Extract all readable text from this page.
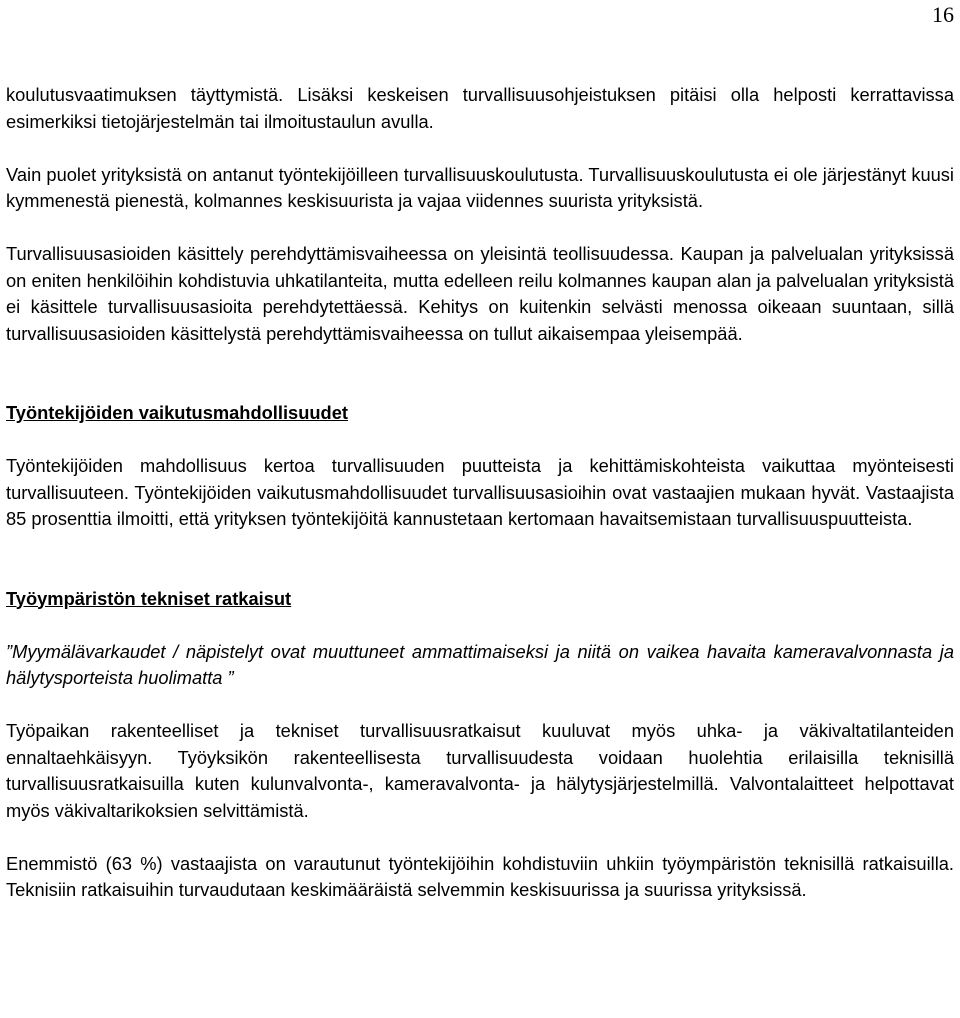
16

koulutusvaatimuksen täyttymistä. Lisäksi keskeisen turvallisuusohjeistuksen pitäisi olla helposti kerrattavissa esimerkiksi tietojärjestelmän tai ilmoitustaulun avulla.

Vain puolet yrityksistä on antanut työntekijöilleen turvallisuuskoulutusta. Turvallisuuskoulutusta ei ole järjestänyt kuusi kymmenestä pienestä, kolmannes keskisuurista ja vajaa viidennes suurista yrityksistä.

Turvallisuusasioiden käsittely perehdyttämisvaiheessa on yleisintä teollisuudessa. Kaupan ja palvelualan yrityksissä on eniten henkilöihin kohdistuvia uhkatilanteita, mutta edelleen reilu kolmannes kaupan alan ja palvelualan yrityksistä ei käsittele turvallisuusasioita perehdytettäessä. Kehitys on kuitenkin selvästi menossa oikeaan suuntaan, sillä turvallisuusasioiden käsittelystä perehdyttämisvaiheessa on tullut aikaisempaa yleisempää.

Työntekijöiden vaikutusmahdollisuudet

Työntekijöiden mahdollisuus kertoa turvallisuuden puutteista ja kehittämiskohteista vaikuttaa myönteisesti turvallisuuteen. Työntekijöiden vaikutusmahdollisuudet turvallisuusasioihin ovat vastaajien mukaan hyvät. Vastaajista 85 prosenttia ilmoitti, että yrityksen työntekijöitä kannustetaan kertomaan havaitsemistaan turvallisuuspuutteista.

Työympäristön tekniset ratkaisut

”Myymälävarkaudet / näpistelyt ovat muuttuneet ammattimaiseksi ja niitä on vaikea havaita kameravalvonnasta ja hälytysporteista huolimatta ”

Työpaikan rakenteelliset ja tekniset turvallisuusratkaisut kuuluvat myös uhka- ja väkivaltatilanteiden ennaltaehkäisyyn. Työyksikön rakenteellisesta turvallisuudesta voidaan huolehtia erilaisilla teknisillä turvallisuusratkaisuilla kuten kulunvalvonta-, kameravalvonta- ja hälytysjärjestelmillä. Valvontalaitteet helpottavat myös väkivaltarikoksien selvittämistä.

Enemmistö (63 %) vastaajista on varautunut työntekijöihin kohdistuviin uhkiin työympäristön teknisillä ratkaisuilla. Teknisiin ratkaisuihin turvaudutaan keskimääräistä selvemmin keskisuurissa ja suurissa yrityksissä.
